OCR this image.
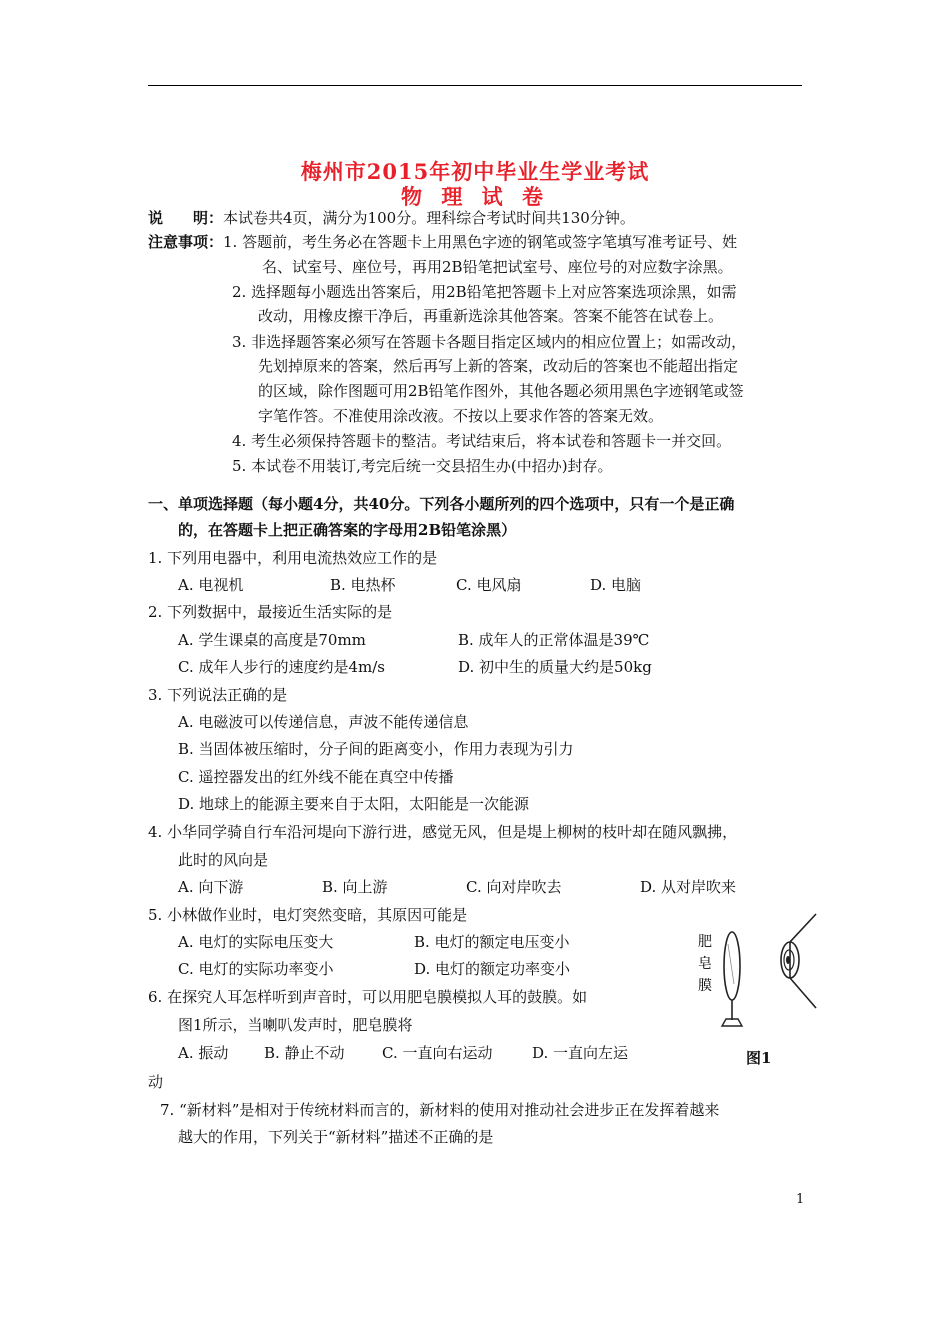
梅州市2015年初中毕业生学业考试
物 理 试 卷
说　　明：本试卷共4页，满分为100分。理科综合考试时间共130分钟。
注意事项：1. 答题前，考生务必在答题卡上用黑色字迹的钢笔或签字笔填写准考证号、姓
名、试室号、座位号，再用2B铅笔把试室号、座位号的对应数字涂黑。
2. 选择题每小题选出答案后，用2B铅笔把答题卡上对应答案选项涂黑，如需
改动，用橡皮擦干净后，再重新选涂其他答案。答案不能答在试卷上。
3. 非选择题答案必须写在答题卡各题目指定区域内的相应位置上；如需改动，
先划掉原来的答案，然后再写上新的答案，改动后的答案也不能超出指定
的区域，除作图题可用2B铅笔作图外，其他各题必须用黑色字迹钢笔或签
字笔作答。不准使用涂改液。不按以上要求作答的答案无效。
4. 考生必须保持答题卡的整洁。考试结束后，将本试卷和答题卡一并交回。
5. 本试卷不用装订,考完后统一交县招生办(中招办)封存。
一、单项选择题（每小题4分，共40分。下列各小题所列的四个选项中，只有一个是正确
的，在答题卡上把正确答案的字母用2B铅笔涂黑）
1. 下列用电器中，利用电流热效应工作的是
A. 电视机	B. 电热杯	C. 电风扇	D. 电脑
2. 下列数据中，最接近生活实际的是
A. 学生课桌的高度是70mm	B. 成年人的正常体温是39℃
C. 成年人步行的速度约是4m/s	D. 初中生的质量大约是50kg
3. 下列说法正确的是
A. 电磁波可以传递信息，声波不能传递信息
B. 当固体被压缩时，分子间的距离变小，作用力表现为引力
C. 遥控器发出的红外线不能在真空中传播
D. 地球上的能源主要来自于太阳，太阳能是一次能源
4. 小华同学骑自行车沿河堤向下游行进，感觉无风，但是堤上柳树的枝叶却在随风飘拂，
此时的风向是
A. 向下游	B. 向上游	C. 向对岸吹去	D. 从对岸吹来
5. 小林做作业时，电灯突然变暗，其原因可能是
A. 电灯的实际电压变大	B. 电灯的额定电压变小
C. 电灯的实际功率变小	D. 电灯的额定功率变小
6. 在探究人耳怎样听到声音时，可以用肥皂膜模拟人耳的鼓膜。如
图1所示，当喇叭发声时，肥皂膜将
A. 振动 B. 静止不动 C. 一直向右运动	D. 一直向左运
动
肥
皂
膜
图1
7. “新材料”是相对于传统材料而言的，新材料的使用对推动社会进步正在发挥着越来
越大的作用，下列关于“新材料”描述不正确的是
1
